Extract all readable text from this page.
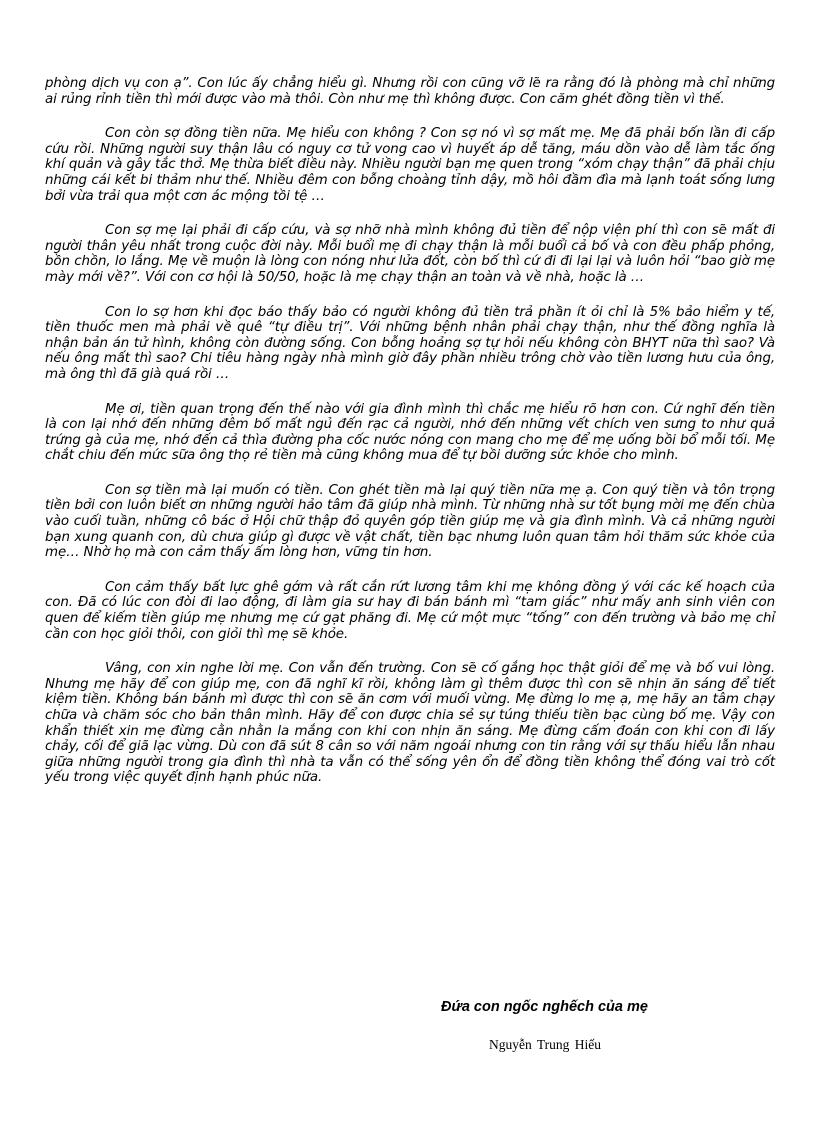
phòng dịch vụ con ạ”. Con lúc ấy chẳng hiểu gì. Nhưng rồi con cũng vỡ lẽ ra rằng đó là phòng mà chỉ những ai rủng rỉnh tiền thì mới được vào mà thôi. Còn như mẹ thì không được. Con căm ghét đồng tiền vì thế.

Con còn sợ đồng tiền nữa. Mẹ hiểu con không ? Con sợ nó vì sợ mất mẹ. Mẹ đã phải bốn lần đi cấp cứu rồi. Những người suy thận lâu có nguy cơ tử vong cao vì huyết áp dễ tăng, máu dồn vào dễ làm tắc ống khí quản và gây tắc thở. Mẹ thừa biết điều này. Nhiều người bạn mẹ quen trong “xóm chạy thận” đã phải chịu những cái kết bi thảm như thế. Nhiều đêm con bỗng choàng tỉnh dậy, mồ hôi đầm đìa mà lạnh toát sống lưng bởi vừa trải qua một cơn ác mộng tồi tệ …

Con sợ mẹ lại phải đi cấp cứu, và sợ nhỡ nhà mình không đủ tiền để nộp viện phí thì con sẽ mất đi người thân yêu nhất trong cuộc đời này. Mỗi buổi mẹ đi chạy thận là mỗi buổi cả bố và con đều phấp phỏng, bồn chồn, lo lắng. Mẹ về muộn là lòng con nóng như lửa đốt, còn bố thì cứ đi đi lại lại và luôn hỏi “bao giờ mẹ mày mới về?”. Với con cơ hội là 50/50, hoặc là mẹ chạy thận an toàn và về nhà, hoặc là …

Con lo sợ hơn khi đọc báo thấy bảo có người không đủ tiền trả phần ít ỏi chỉ là 5% bảo hiểm y tế, tiền thuốc men mà phải về quê “tự điều trị”. Với những bệnh nhân phải chạy thận, như thế đồng nghĩa là nhận bản án tử hình, không còn đường sống. Con bỗng hoảng sợ tự hỏi nếu không còn BHYT nữa thì sao? Và nếu ông mất thì sao? Chi tiêu hàng ngày nhà mình giờ đây phần nhiều trông chờ vào tiền lương hưu của ông, mà ông thì đã già quá rồi …

Mẹ ơi, tiền quan trọng đến thế nào với gia đình mình thì chắc mẹ hiểu rõ hơn con. Cứ nghĩ đến tiền là con lại nhớ đến những đêm bố mất ngủ đến rạc cả người, nhớ đến những vết chích ven sưng to như quả trứng gà của mẹ, nhớ đến cả thìa đường pha cốc nước nóng con mang cho mẹ để mẹ uống bồi bổ mỗi tối. Mẹ chắt chiu đến mức sữa ông thọ rẻ tiền mà cũng không mua để tự bồi dưỡng sức khỏe cho mình.

Con sợ tiền mà lại muốn có tiền. Con ghét tiền mà lại quý tiền nữa mẹ ạ. Con quý tiền và tôn trọng tiền bởi con luôn biết ơn những người hảo tâm đã giúp nhà mình. Từ những nhà sư tốt bụng mời mẹ đến chùa vào cuối tuần, những cô bác ở Hội chữ thập đỏ quyên góp tiền giúp mẹ và gia đình mình. Và cả những người bạn xung quanh con, dù chưa giúp gì được về vật chất, tiền bạc nhưng luôn quan tâm hỏi thăm sức khỏe của mẹ… Nhờ họ mà con cảm thấy ấm lòng hơn, vững tin hơn.

Con cảm thấy bất lực ghê gớm và rất cắn rứt lương tâm khi mẹ không đồng ý với các kế hoạch của con. Đã có lúc con đòi đi lao động, đi làm gia sư hay đi bán bánh mì “tam giác” như mấy anh sinh viên con quen để kiếm tiền giúp mẹ nhưng mẹ cứ gạt phăng đi. Mẹ cứ một mực “tống” con đến trường và bảo mẹ chỉ cần con học giỏi thôi, con giỏi thì mẹ sẽ khỏe.

Vâng, con xin nghe lời mẹ. Con vẫn đến trường. Con sẽ cố gắng học thật giỏi để mẹ và bố vui lòng. Nhưng mẹ hãy để con giúp mẹ, con đã nghĩ kĩ rồi, không làm gì thêm được thì con sẽ nhịn ăn sáng để tiết kiệm tiền. Không bán bánh mì được thì con sẽ ăn cơm với muối vừng. Mẹ đừng lo mẹ ạ, mẹ hãy an tâm chạy chữa và chăm sóc cho bản thân mình. Hãy để con được chia sẻ sự túng thiếu tiền bạc cùng bố mẹ. Vậy con khẩn thiết xin mẹ đừng cằn nhằn la mắng con khi con nhịn ăn sáng. Mẹ đừng cấm đoán con khi con đi lấy chảy, cối để giã lạc vừng. Dù con đã sút 8 cân so với năm ngoái nhưng con tin rằng với sự thấu hiểu lẫn nhau giữa những người trong gia đình thì nhà ta vẫn có thể sống yên ổn để đồng tiền không thể đóng vai trò cốt yếu trong việc quyết định hạnh phúc nữa.

Đứa con ngốc nghếch của mẹ

Nguyễn Trung Hiếu
